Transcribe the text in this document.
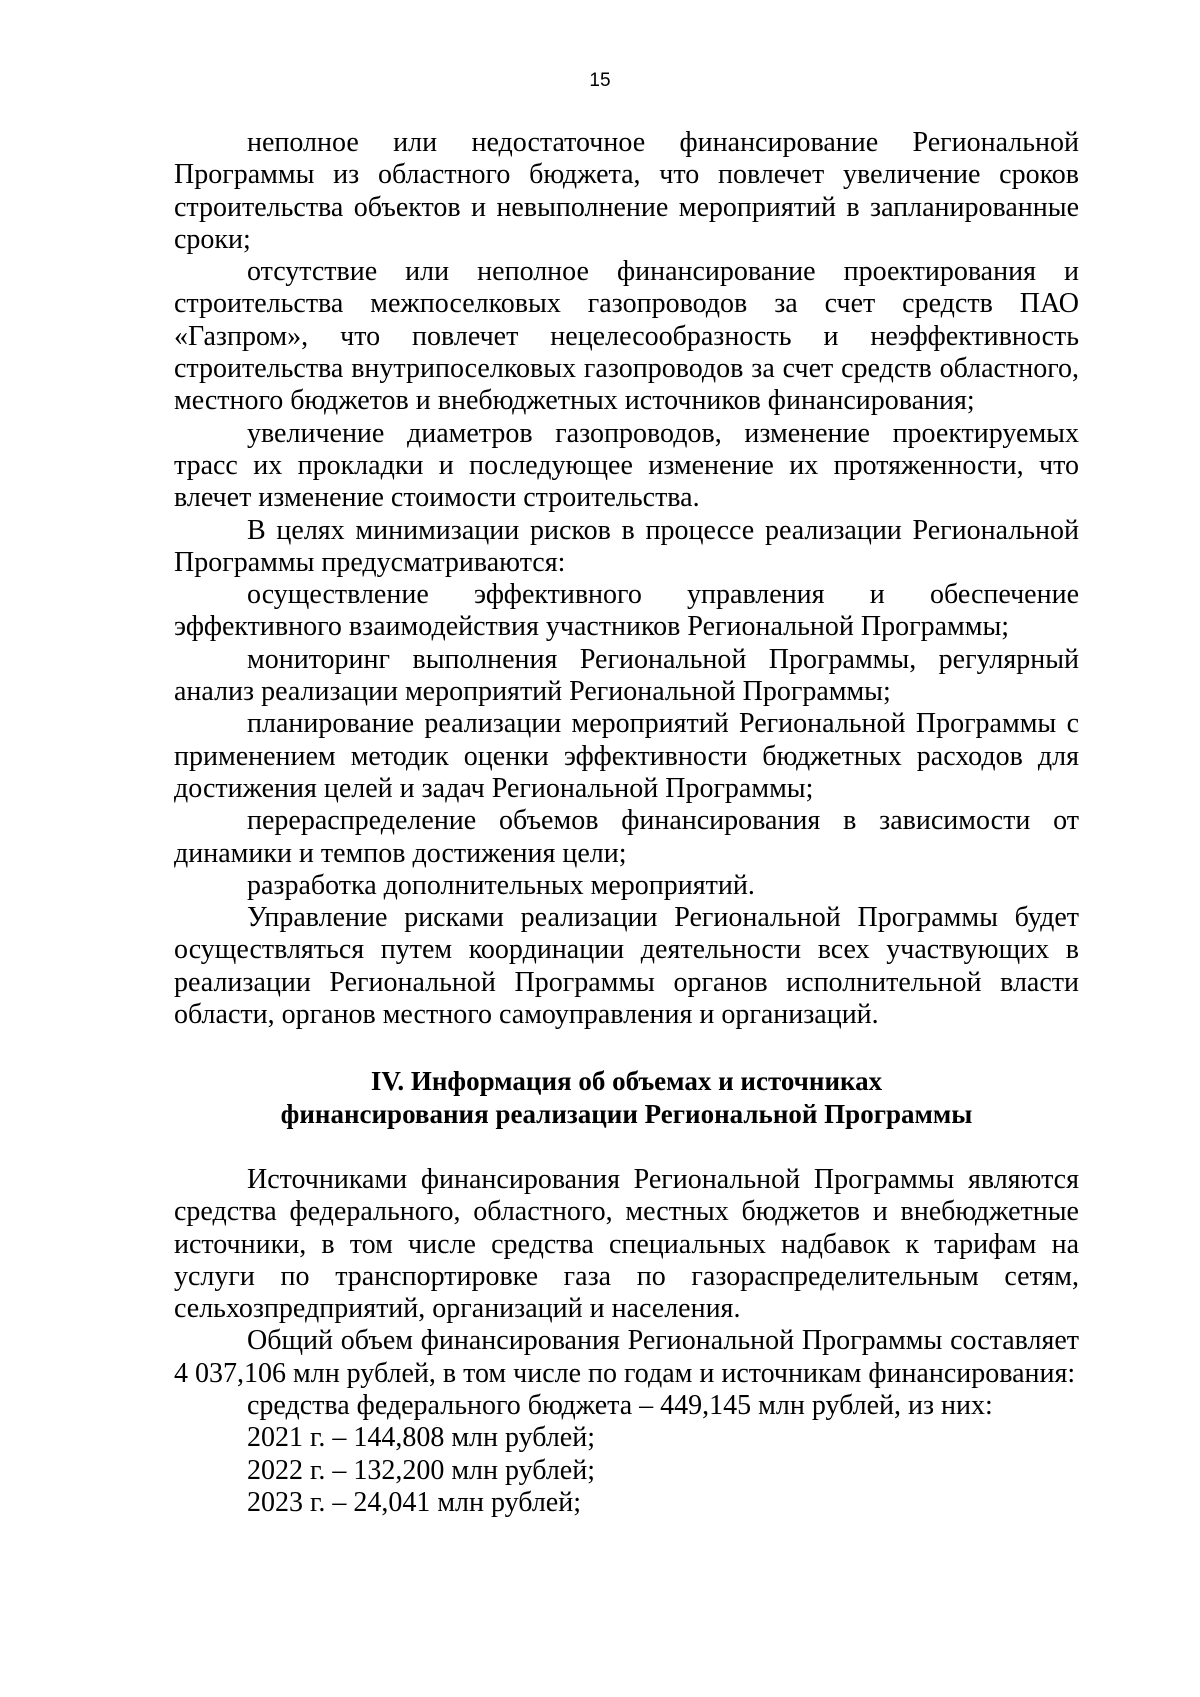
15

неполное или недостаточное финансирование Региональной Программы из областного бюджета, что повлечет увеличение сроков строительства объектов и невыполнение мероприятий в запланированные сроки;

отсутствие или неполное финансирование проектирования и строительства межпоселковых газопроводов за счет средств ПАО «Газпром», что повлечет нецелесообразность и неэффективность строительства внутрипоселковых газопроводов за счет средств областного, местного бюджетов и внебюджетных источников финансирования;

увеличение диаметров газопроводов, изменение проектируемых трасс их прокладки и последующее изменение их протяженности, что влечет изменение стоимости строительства.

В целях минимизации рисков в процессе реализации Региональной Программы предусматриваются:

осуществление эффективного управления и обеспечение эффективного взаимодействия участников Региональной Программы;

мониторинг выполнения Региональной Программы, регулярный анализ реализации мероприятий Региональной Программы;

планирование реализации мероприятий Региональной Программы с применением методик оценки эффективности бюджетных расходов для достижения целей и задач Региональной Программы;

перераспределение объемов финансирования в зависимости от динамики и темпов достижения цели;

разработка дополнительных мероприятий.

Управление рисками реализации Региональной Программы будет осуществляться путем координации деятельности всех участвующих в реализации Региональной Программы органов исполнительной власти области, органов местного самоуправления и организаций.

IV. Информация об объемах и источниках
финансирования реализации Региональной Программы

Источниками финансирования Региональной Программы являются средства федерального, областного, местных бюджетов и внебюджетные источники, в том числе средства специальных надбавок к тарифам на услуги по транспортировке газа по газораспределительным сетям, сельхозпредприятий, организаций и населения.

Общий объем финансирования Региональной Программы составляет 4 037,106 млн рублей, в том числе по годам и источникам финансирования:

средства федерального бюджета – 449,145 млн рублей, из них:

2021 г. – 144,808 млн рублей;

2022 г. – 132,200 млн рублей;

2023 г. – 24,041 млн рублей;
